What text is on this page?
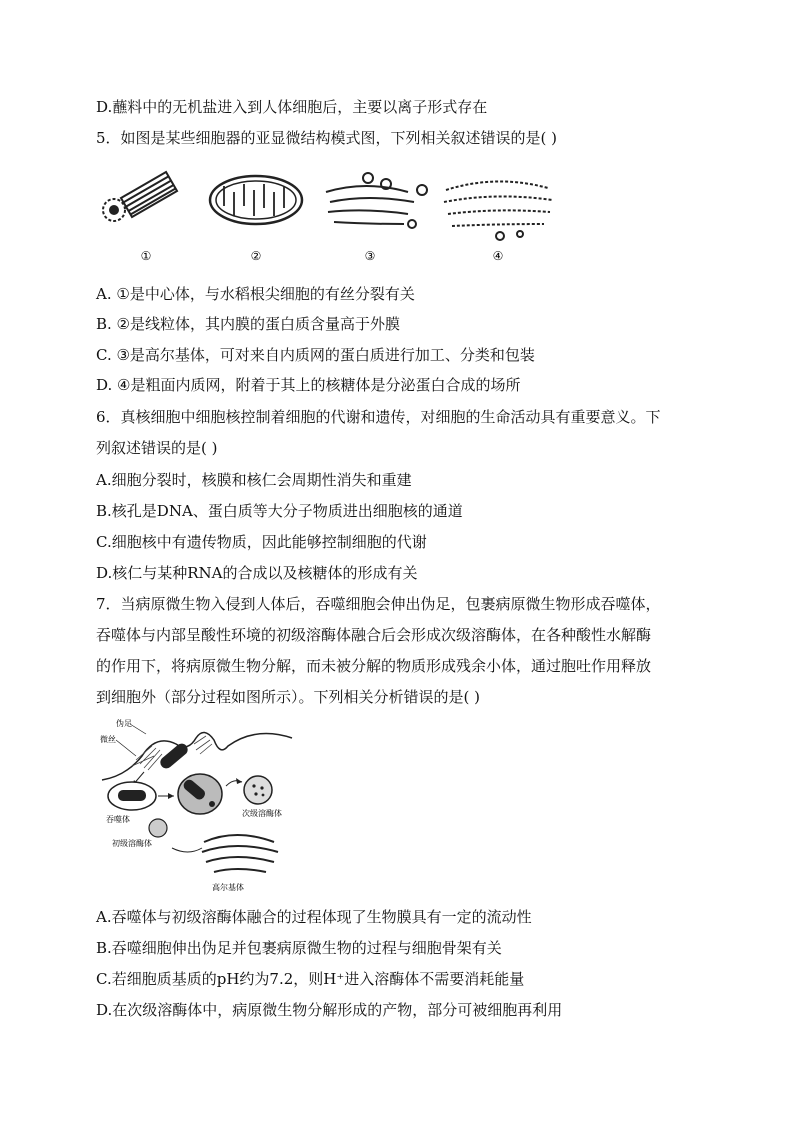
D.蘸料中的无机盐进入到人体细胞后，主要以离子形式存在
5．如图是某些细胞器的亚显微结构模式图，下列相关叙述错误的是( )
①	②	③	④
A. ①是中心体，与水稻根尖细胞的有丝分裂有关
B. ②是线粒体，其内膜的蛋白质含量高于外膜
C. ③是高尔基体，可对来自内质网的蛋白质进行加工、分类和包装
D. ④是粗面内质网，附着于其上的核糖体是分泌蛋白合成的场所
6．真核细胞中细胞核控制着细胞的代谢和遗传，对细胞的生命活动具有重要意义。下
列叙述错误的是( )
A.细胞分裂时，核膜和核仁会周期性消失和重建
B.核孔是DNA、蛋白质等大分子物质进出细胞核的通道
C.细胞核中有遗传物质，因此能够控制细胞的代谢
D.核仁与某种RNA的合成以及核糖体的形成有关
7．当病原微生物入侵到人体后，吞噬细胞会伸出伪足，包裹病原微生物形成吞噬体，
吞噬体与内部呈酸性环境的初级溶酶体融合后会形成次级溶酶体，在各种酸性水解酶
的作用下，将病原微生物分解，而未被分解的物质形成残余小体，通过胞吐作用释放
到细胞外（部分过程如图所示）。下列相关分析错误的是( )
伪足
微丝
吞噬体
次级溶酶体
初级溶酶体
高尔基体
A.吞噬体与初级溶酶体融合的过程体现了生物膜具有一定的流动性
B.吞噬细胞伸出伪足并包裹病原微生物的过程与细胞骨架有关
C.若细胞质基质的pH约为7.2，则H⁺进入溶酶体不需要消耗能量
D.在次级溶酶体中，病原微生物分解形成的产物，部分可被细胞再利用
